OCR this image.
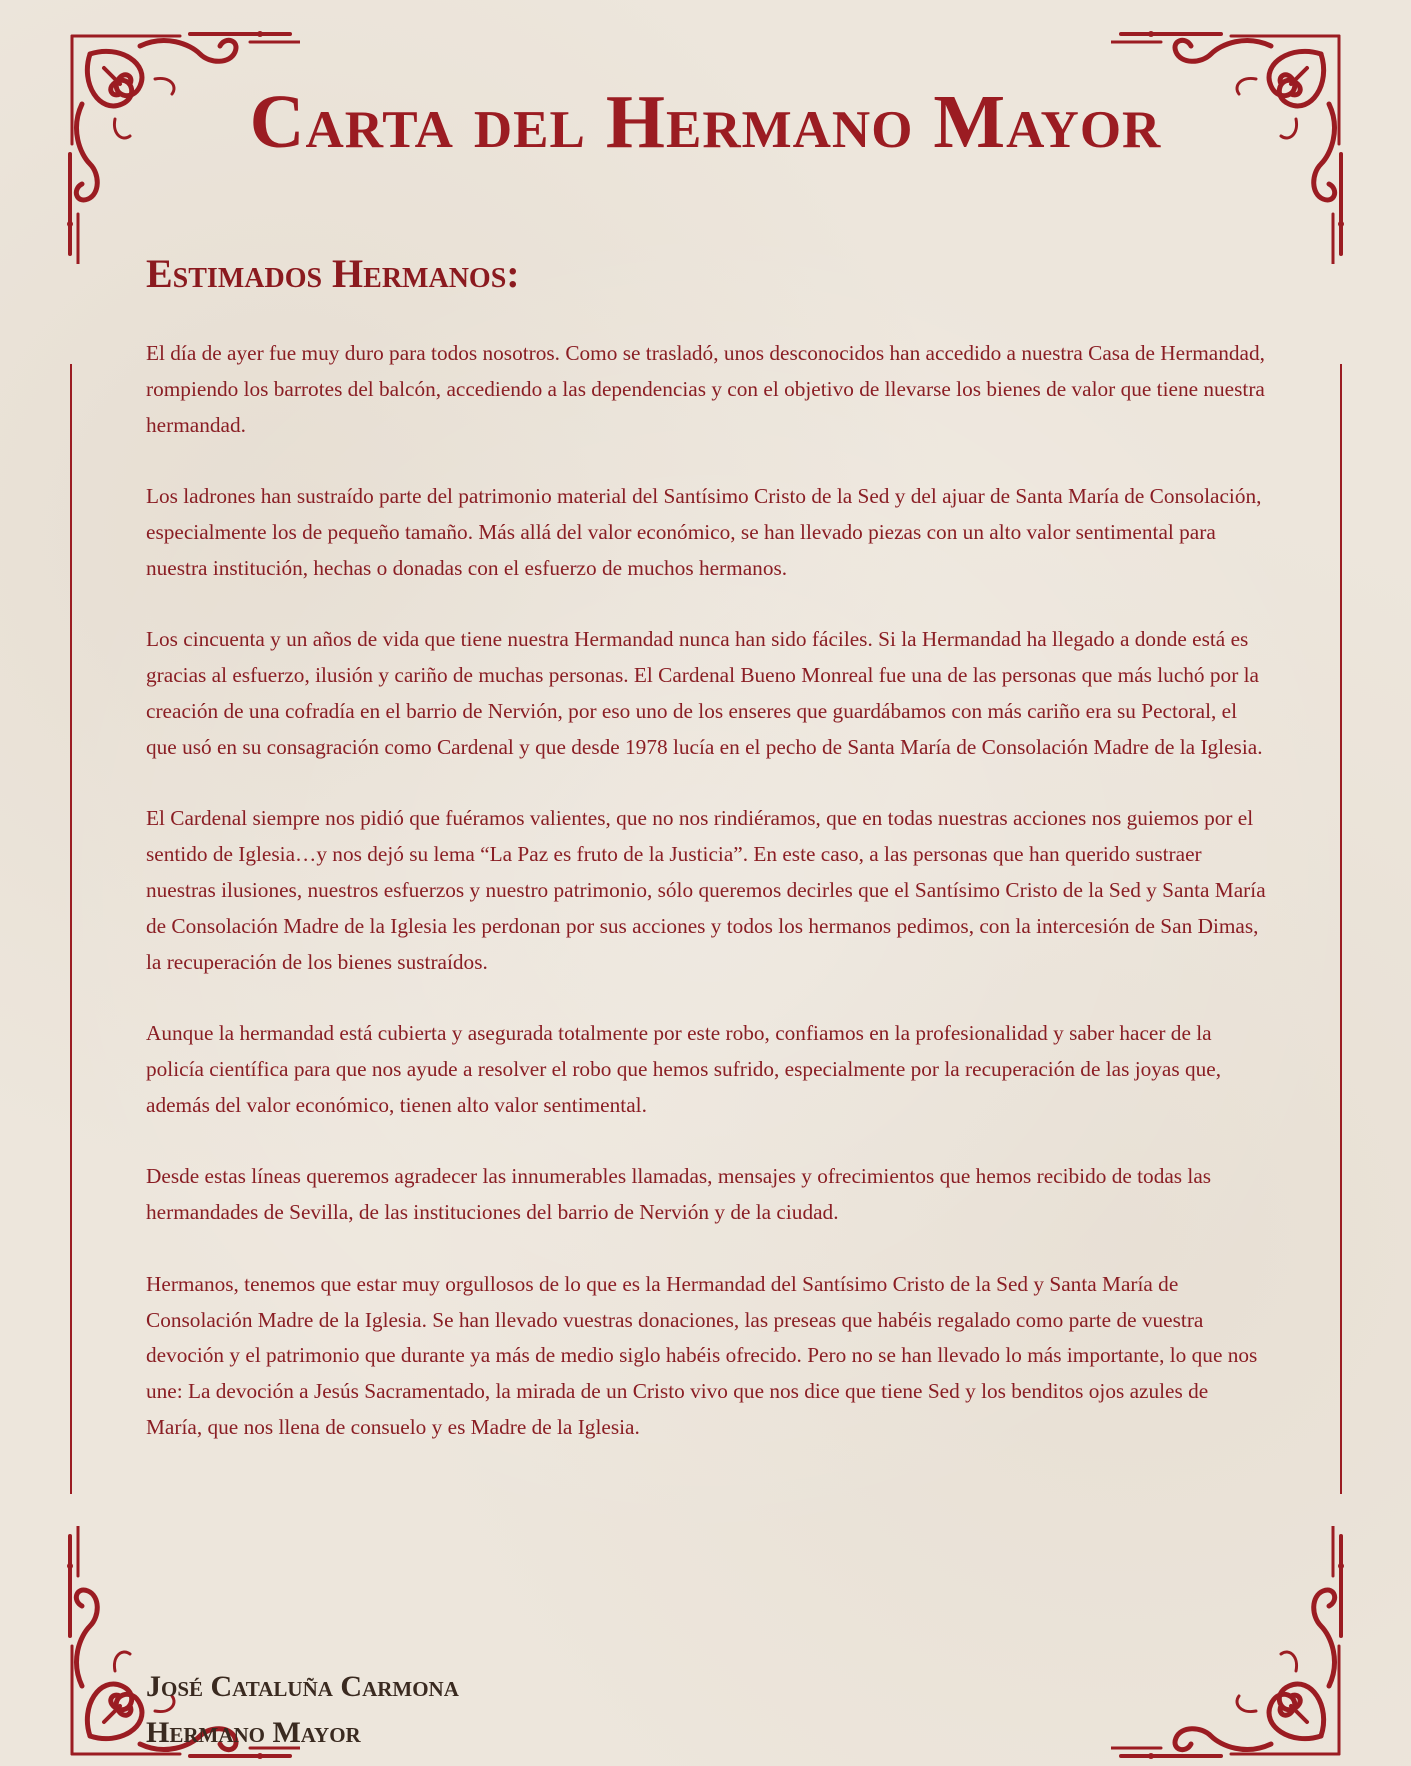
Carta del Hermano Mayor
Estimados Hermanos:

El día de ayer fue muy duro para todos nosotros. Como se trasladó, unos desconocidos han accedido a nuestra Casa de Hermandad, rompiendo los barrotes del balcón, accediendo a las dependencias y con el objetivo de llevarse los bienes de valor que tiene nuestra hermandad.

Los ladrones han sustraído parte del patrimonio material del Santísimo Cristo de la Sed y del ajuar de Santa María de Consolación, especialmente los de pequeño tamaño. Más allá del valor económico, se han llevado piezas con un alto valor sentimental para nuestra institución, hechas o donadas con el esfuerzo de muchos hermanos.

Los cincuenta y un años de vida que tiene nuestra Hermandad nunca han sido fáciles. Si la Hermandad ha llegado a donde está es gracias al esfuerzo, ilusión y cariño de muchas personas. El Cardenal Bueno Monreal fue una de las personas que más luchó por la creación de una cofradía en el barrio de Nervión, por eso uno de los enseres que guardábamos con más cariño era su Pectoral, el que usó en su consagración como Cardenal y que desde 1978 lucía en el pecho de Santa María de Consolación Madre de la Iglesia.

El Cardenal siempre nos pidió que fuéramos valientes, que no nos rindiéramos, que en todas nuestras acciones nos guiemos por el sentido de Iglesia…y nos dejó su lema “La Paz es fruto de la Justicia”. En este caso, a las personas que han querido sustraer nuestras ilusiones, nuestros esfuerzos y nuestro patrimonio, sólo queremos decirles que el Santísimo Cristo de la Sed y Santa María de Consolación Madre de la Iglesia les perdonan por sus acciones y todos los hermanos pedimos, con la intercesión de San Dimas, la recuperación de los bienes sustraídos.

Aunque la hermandad está cubierta y asegurada totalmente por este robo, confiamos en la profesionalidad y saber hacer de la policía científica para que nos ayude a resolver el robo que hemos sufrido, especialmente por la recuperación de las joyas que, además del valor económico, tienen alto valor sentimental.

Desde estas líneas queremos agradecer las innumerables llamadas, mensajes y ofrecimientos que hemos recibido de todas las hermandades de Sevilla, de las instituciones del barrio de Nervión y de la ciudad.

Hermanos, tenemos que estar muy orgullosos de lo que es la Hermandad del Santísimo Cristo de la Sed y Santa María de Consolación Madre de la Iglesia. Se han llevado vuestras donaciones, las preseas que habéis regalado como parte de vuestra devoción y el patrimonio que durante ya más de medio siglo habéis ofrecido. Pero no se han llevado lo más importante, lo que nos une: La devoción a Jesús Sacramentado, la mirada de un Cristo vivo que nos dice que tiene Sed y los benditos ojos azules de María, que nos llena de consuelo y es Madre de la Iglesia.

José Cataluña Carmona

Hermano Mayor
